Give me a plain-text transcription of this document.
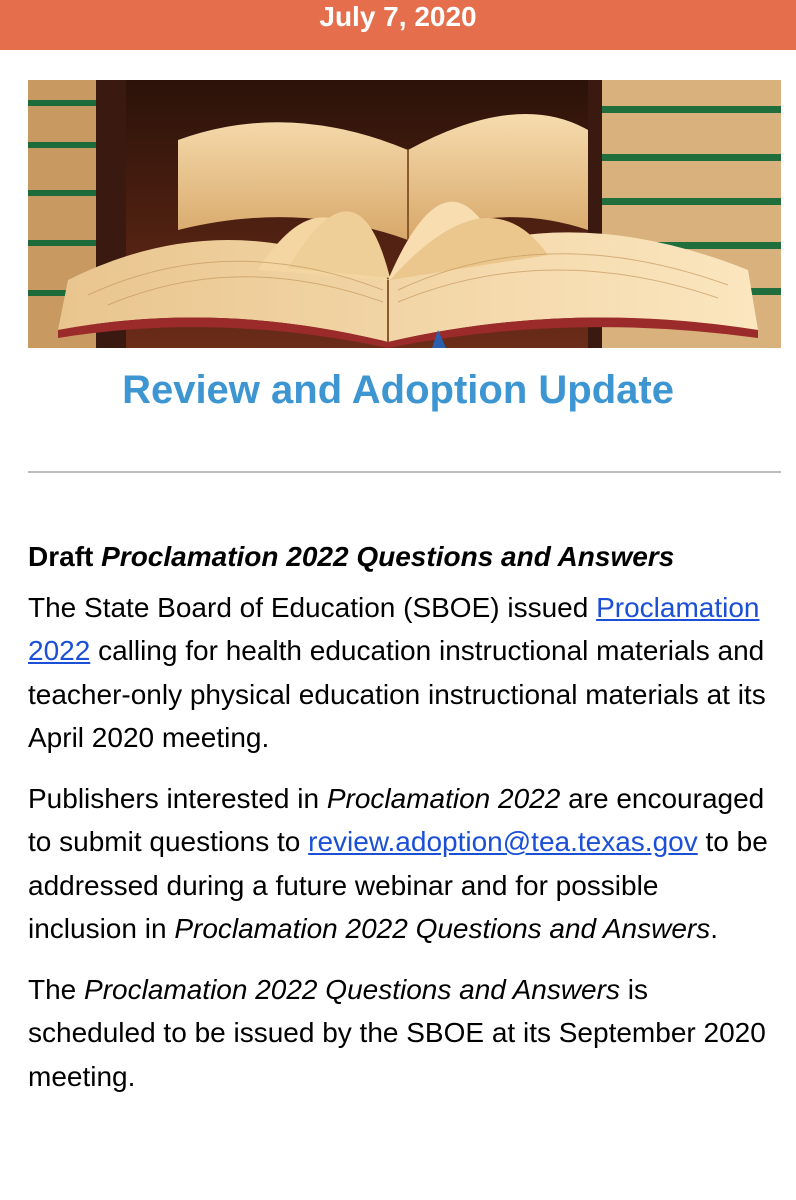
July 7, 2020
Review and Adoption Update
Draft Proclamation 2022 Questions and Answers

The State Board of Education (SBOE) issued Proclamation 2022 calling for health education instructional materials and teacher-only physical education instructional materials at its April 2020 meeting.

Publishers interested in Proclamation 2022 are encouraged to submit questions to review.adoption@tea.texas.gov to be addressed during a future webinar and for possible inclusion in Proclamation 2022 Questions and Answers.

The Proclamation 2022 Questions and Answers is scheduled to be issued by the SBOE at its September 2020 meeting.
